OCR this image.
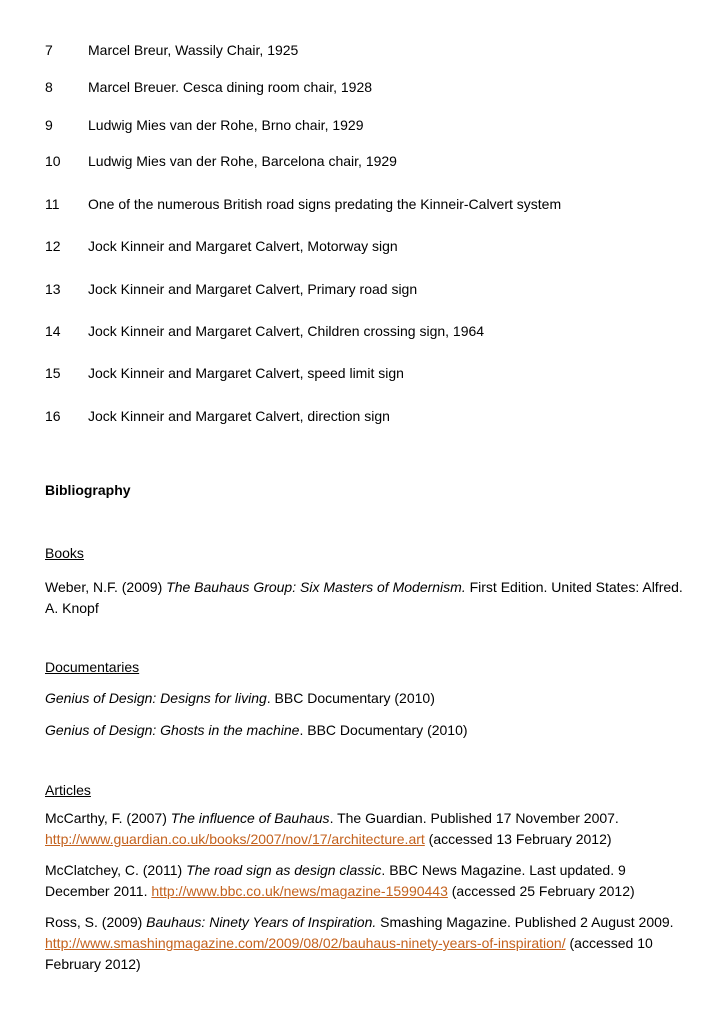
7	Marcel Breur, Wassily Chair, 1925
8	Marcel Breuer. Cesca dining room chair, 1928
9	Ludwig Mies van der Rohe, Brno chair, 1929
10 Ludwig Mies van der Rohe, Barcelona chair, 1929
11 One of the numerous British road signs predating the Kinneir-Calvert system
12 Jock Kinneir and Margaret Calvert, Motorway sign
13 Jock Kinneir and Margaret Calvert, Primary road sign
14 Jock Kinneir and Margaret Calvert, Children crossing sign, 1964
15 Jock Kinneir and Margaret Calvert, speed limit sign
16 Jock Kinneir and Margaret Calvert, direction sign
Bibliography
Books
Weber, N.F. (2009) The Bauhaus Group: Six Masters of Modernism. First Edition. United States: Alfred. A. Knopf
Documentaries
Genius of Design: Designs for living. BBC Documentary (2010)
Genius of Design: Ghosts in the machine. BBC Documentary (2010)
Articles
McCarthy, F. (2007) The influence of Bauhaus. The Guardian. Published 17 November 2007. http://www.guardian.co.uk/books/2007/nov/17/architecture.art (accessed 13 February 2012)
McClatchey, C. (2011) The road sign as design classic. BBC News Magazine. Last updated. 9 December 2011. http://www.bbc.co.uk/news/magazine-15990443 (accessed 25 February 2012)
Ross, S. (2009) Bauhaus: Ninety Years of Inspiration. Smashing Magazine. Published 2 August 2009. http://www.smashingmagazine.com/2009/08/02/bauhaus-ninety-years-of-inspiration/ (accessed 10 February 2012)
